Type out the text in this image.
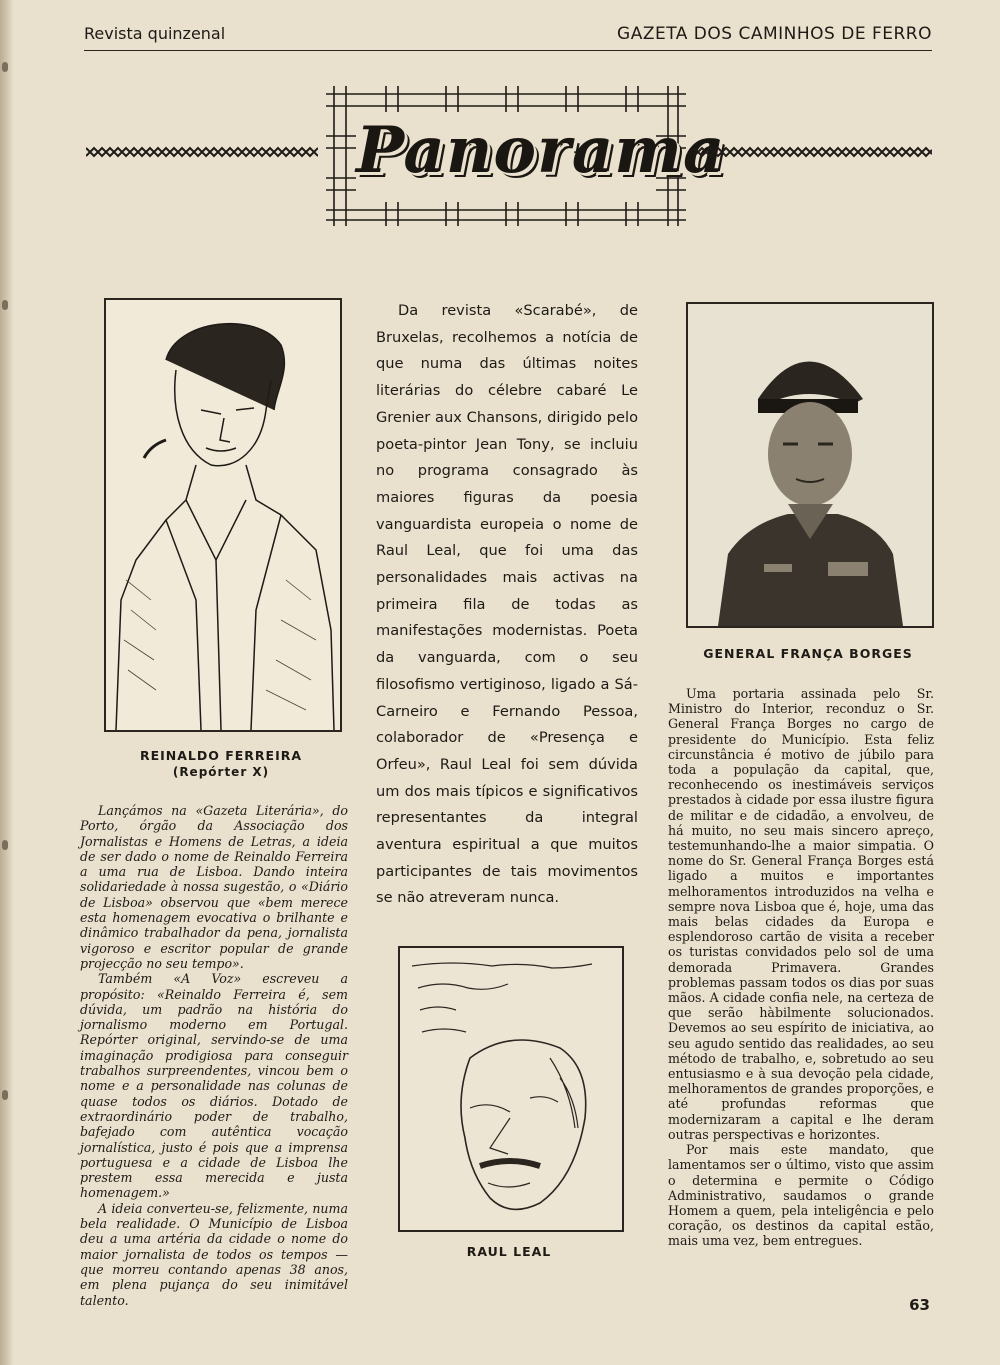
Revista quinzenal	GAZETA DOS CAMINHOS DE FERRO
Panorama
REINALDO FERREIRA
(Repórter X)
GENERAL FRANÇA BORGES
RAUL LEAL

Lançámos na «Gazeta Literária», do Porto, órgão da Associação dos Jornalistas e Homens de Letras, a ideia de ser dado o nome de Reinaldo Ferreira a uma rua de Lisboa. Dando inteira solidariedade à nossa sugestão, o «Diário de Lisboa» observou que «bem merece esta homenagem evocativa o brilhante e dinâmico trabalhador da pena, jornalista vigoroso e escritor popular de grande projecção no seu tempo».

Também «A Voz» escreveu a propósito: «Reinaldo Ferreira é, sem dúvida, um padrão na história do jornalismo moderno em Portugal. Repórter original, servindo-se de uma imaginação prodigiosa para conseguir trabalhos surpreendentes, vincou bem o nome e a personalidade nas colunas de quase todos os diários. Dotado de extraordinário poder de trabalho, bafejado com autêntica vocação jornalística, justo é pois que a imprensa portuguesa e a cidade de Lisboa lhe prestem essa merecida e justa homenagem.»

A ideia converteu-se, felizmente, numa bela realidade. O Município de Lisboa deu a uma artéria da cidade o nome do maior jornalista de todos os tempos — que morreu contando apenas 38 anos, em plena pujança do seu inimitável talento.

Da revista «Scarabé», de Bruxelas, recolhemos a notícia de que numa das últimas noites literárias do célebre cabaré Le Grenier aux Chansons, dirigido pelo poeta-pintor Jean Tony, se incluiu no programa consagrado às maiores figuras da poesia vanguardista europeia o nome de Raul Leal, que foi uma das personalidades mais activas na primeira fila de todas as manifestações modernistas. Poeta da vanguarda, com o seu filosofismo vertiginoso, ligado a Sá-Carneiro e Fernando Pessoa, colaborador de «Presença e Orfeu», Raul Leal foi sem dúvida um dos mais típicos e significativos representantes da integral aventura espiritual a que muitos participantes de tais movimentos se não atreveram nunca.

Uma portaria assinada pelo Sr. Ministro do Interior, reconduz o Sr. General França Borges no cargo de presidente do Município. Esta feliz circunstância é motivo de júbilo para toda a população da capital, que, reconhecendo os inestimáveis serviços prestados à cidade por essa ilustre figura de militar e de cidadão, a envolveu, de há muito, no seu mais sincero apreço, testemunhando-lhe a maior simpatia. O nome do Sr. General França Borges está ligado a muitos e importantes melhoramentos introduzidos na velha e sempre nova Lisboa que é, hoje, uma das mais belas cidades da Europa e esplendoroso cartão de visita a receber os turistas convidados pelo sol de uma demorada Primavera. Grandes problemas passam todos os dias por suas mãos. A cidade confia nele, na certeza de que serão hàbilmente solucionados. Devemos ao seu espírito de iniciativa, ao seu agudo sentido das realidades, ao seu método de trabalho, e, sobretudo ao seu entusiasmo e à sua devoção pela cidade, melhoramentos de grandes proporções, e até profundas reformas que modernizaram a capital e lhe deram outras perspectivas e horizontes.

Por mais este mandato, que lamentamos ser o último, visto que assim o determina e permite o Código Administrativo, saudamos o grande Homem a quem, pela inteligência e pelo coração, os destinos da capital estão, mais uma vez, bem entregues.

63
